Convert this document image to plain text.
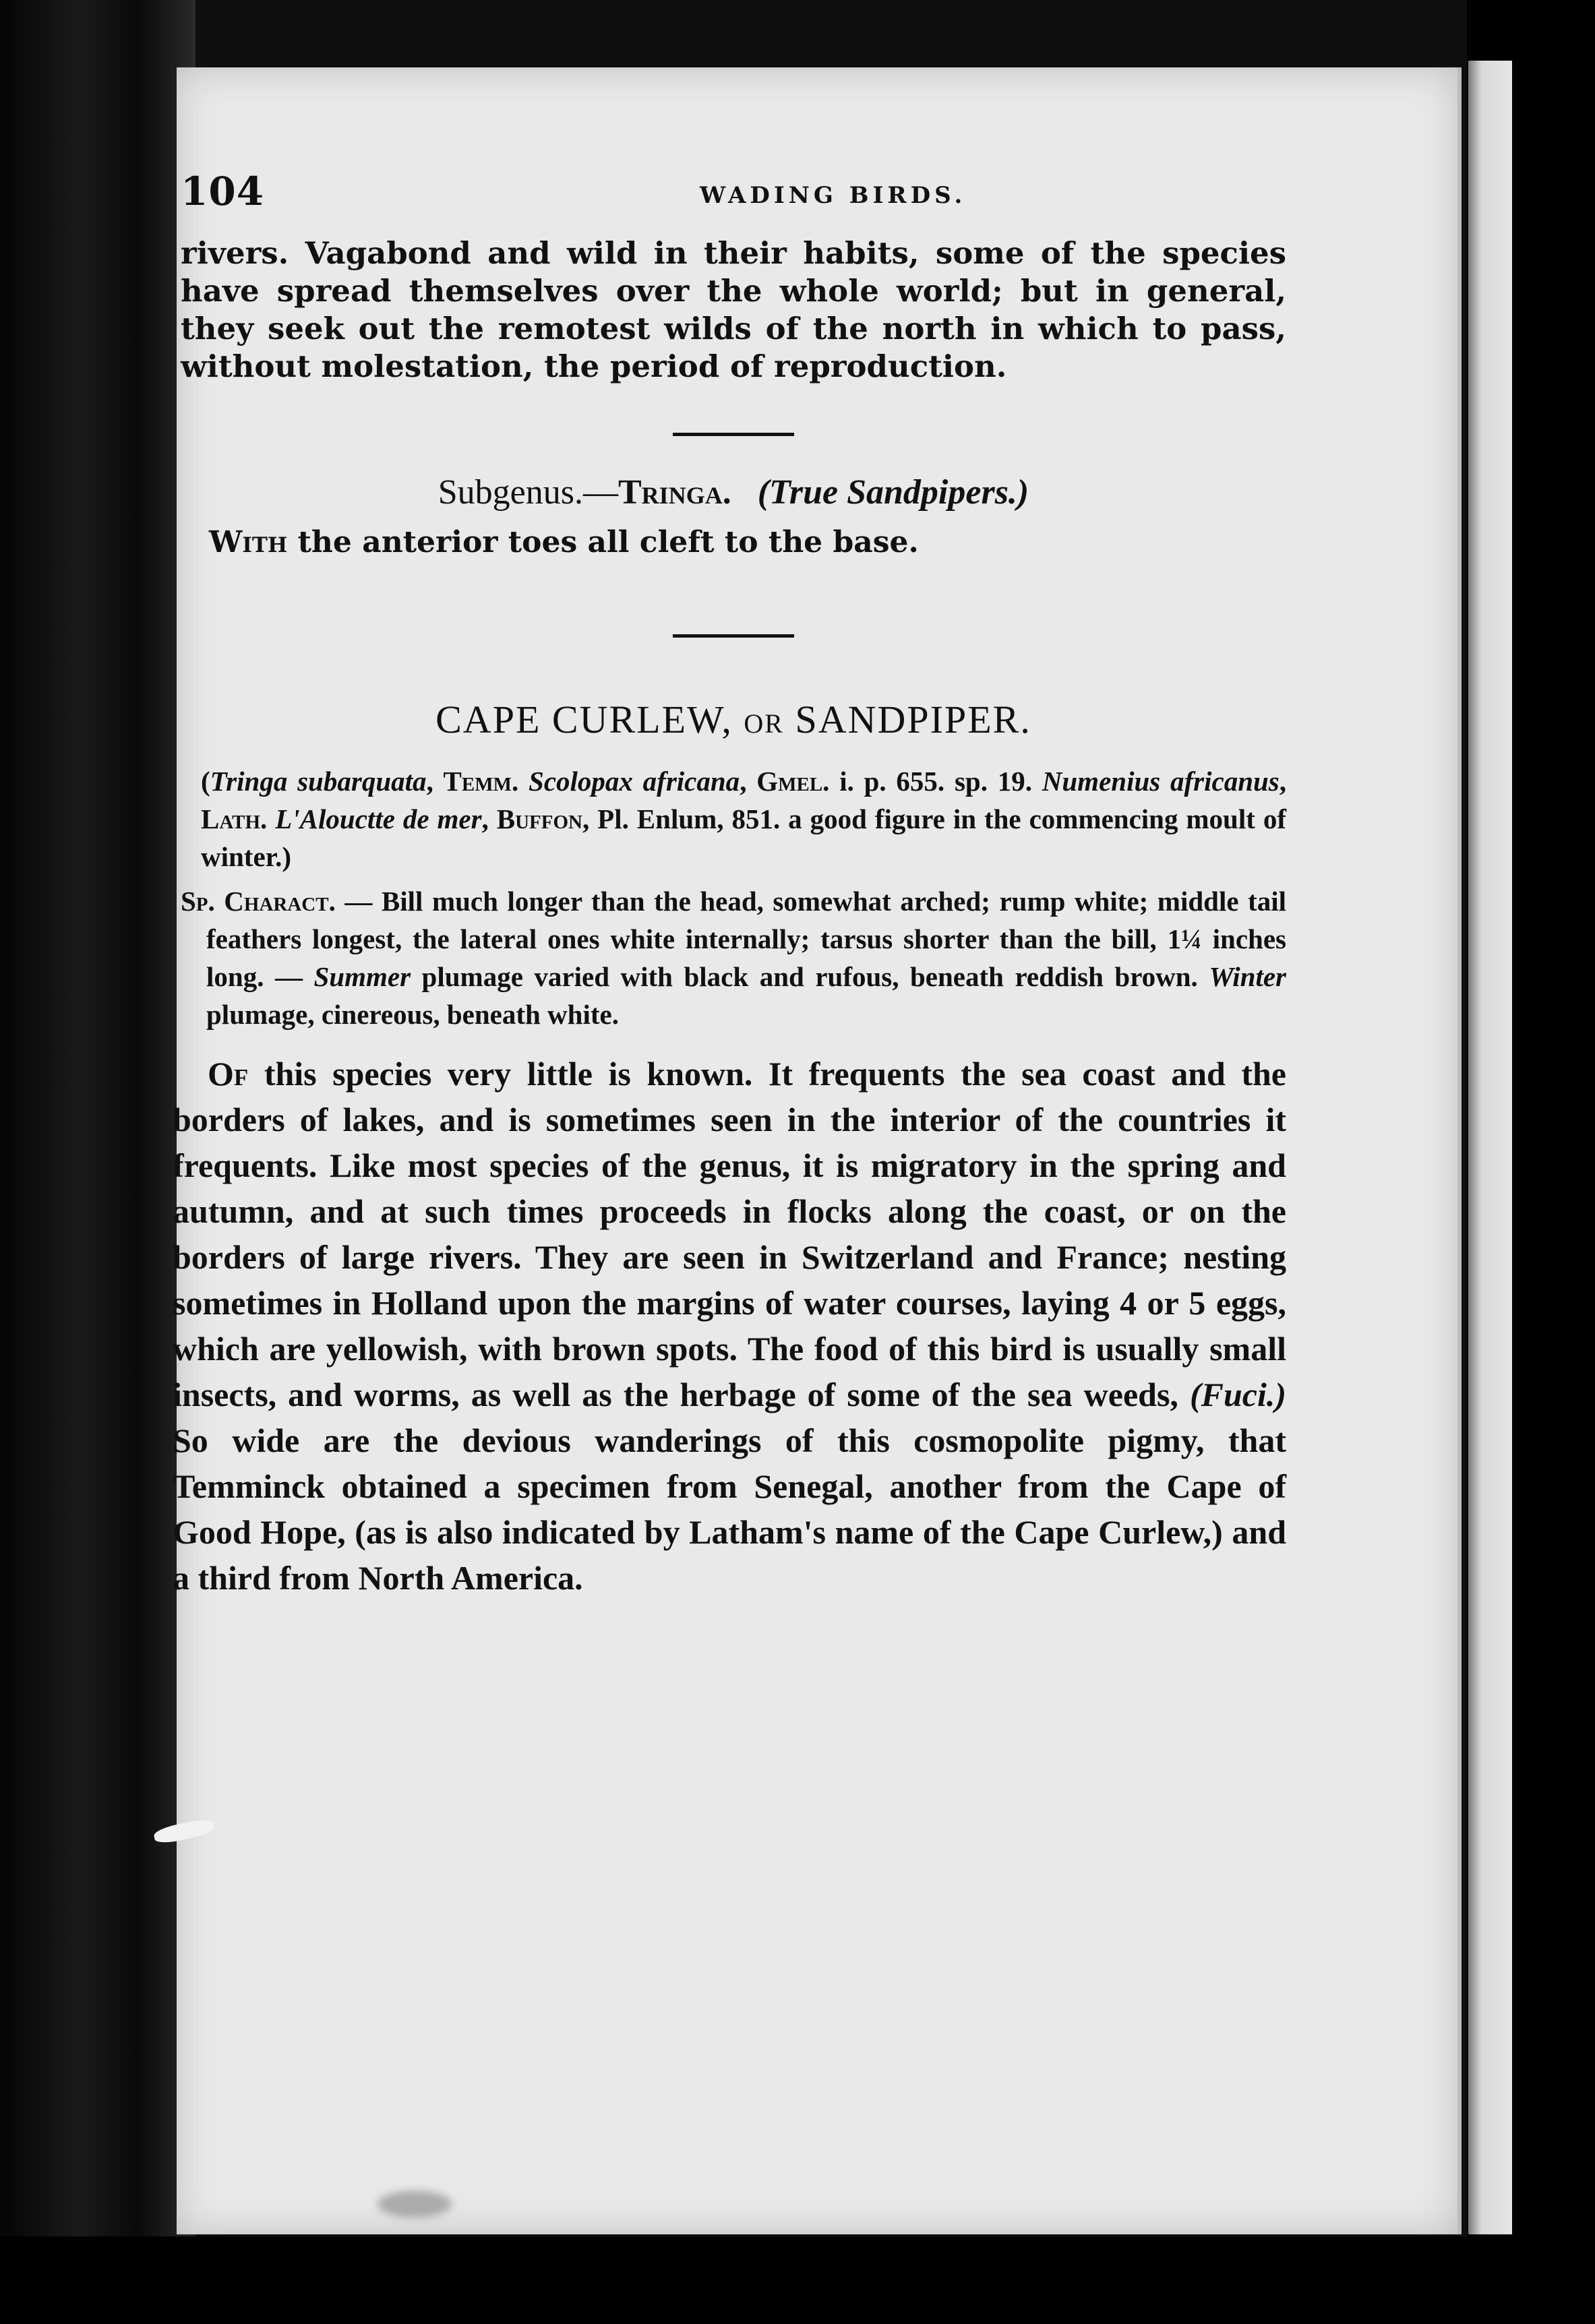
104	WADING BIRDS.

rivers. Vagabond and wild in their habits, some of the species have spread themselves over the whole world; but in general, they seek out the remotest wilds of the north in which to pass, without molestation, the period of reproduction.

Subgenus.—Tringa. (True Sandpipers.)
With the anterior toes all cleft to the base.
CAPE CURLEW, OR SANDPIPER.
(Tringa subarquata, Temm. Scolopax africana, Gmel. i. p. 655. sp. 19. Numenius africanus, Lath. L'Alouctte de mer, Buffon, Pl. Enlum, 851. a good figure in the commencing moult of winter.)
Sp. Charact. — Bill much longer than the head, somewhat arched; rump white; middle tail feathers longest, the lateral ones white internally; tarsus shorter than the bill, 1¼ inches long. — Summer plumage varied with black and rufous, beneath reddish brown. Winter plumage, cinereous, beneath white.
Of this species very little is known. It frequents the sea coast and the borders of lakes, and is sometimes seen in the interior of the countries it frequents. Like most species of the genus, it is migratory in the spring and autumn, and at such times proceeds in flocks along the coast, or on the borders of large rivers. They are seen in Switzerland and France; nesting sometimes in Holland upon the margins of water courses, laying 4 or 5 eggs, which are yellowish, with brown spots. The food of this bird is usually small insects, and worms, as well as the herbage of some of the sea weeds, (Fuci.) So wide are the devious wanderings of this cosmopolite pigmy, that Temminck obtained a specimen from Senegal, another from the Cape of Good Hope, (as is also indicated by Latham's name of the Cape Curlew,) and a third from North America.
